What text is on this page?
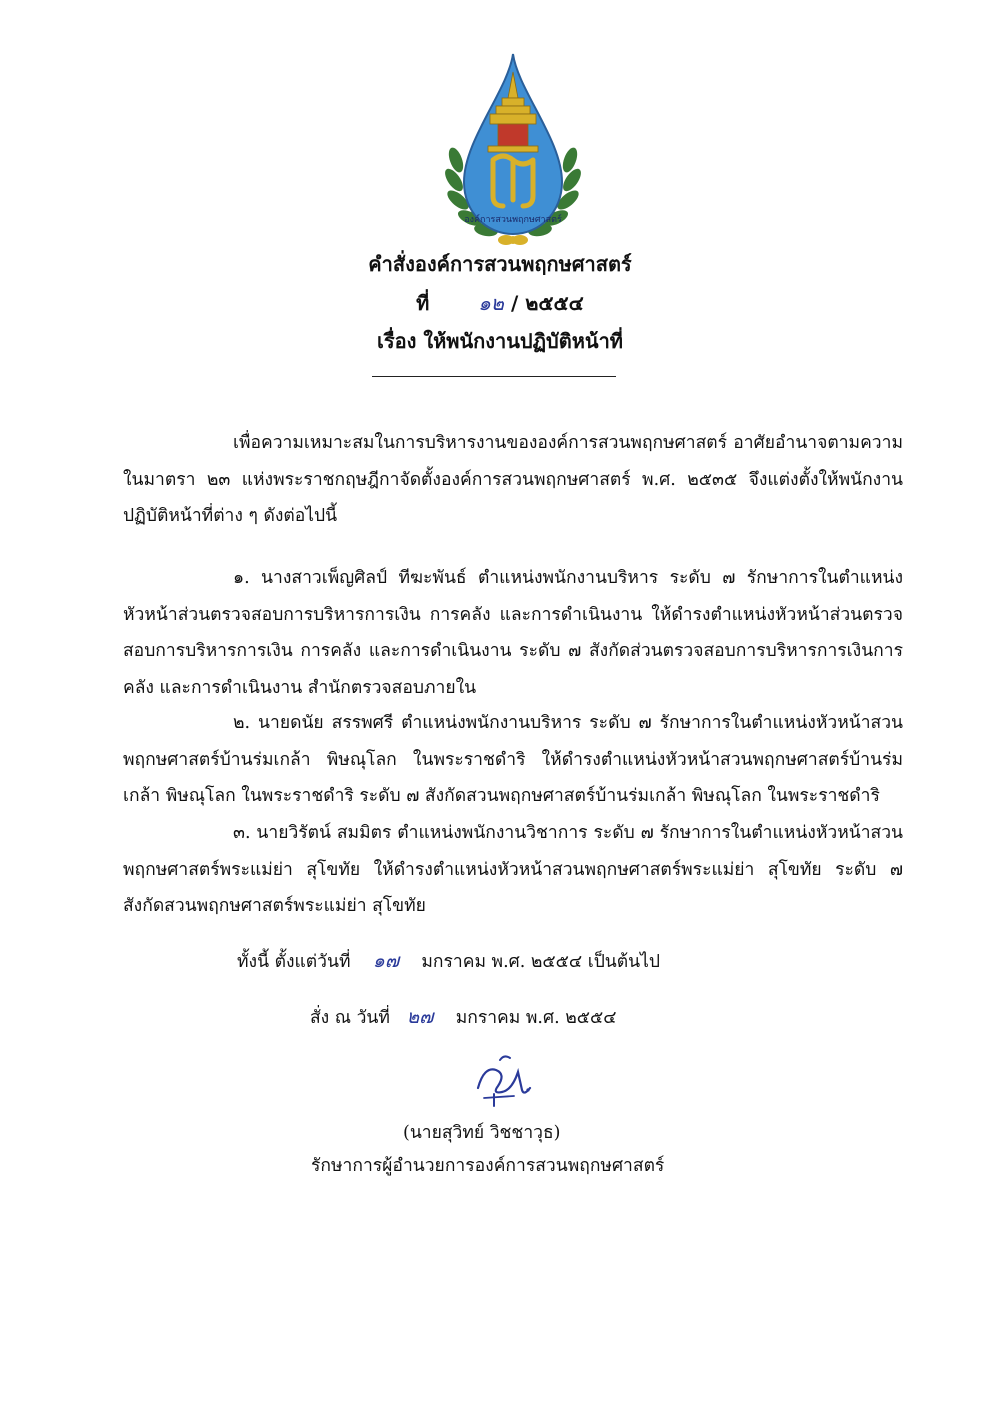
องค์การสวนพฤกษศาสตร์
คำสั่งองค์การสวนพฤกษศาสตร์
ที่ ๑๒ / ๒๕๕๔
เรื่อง ให้พนักงานปฏิบัติหน้าที่
เพื่อความเหมาะสมในการบริหารงานขององค์การสวนพฤกษศาสตร์ อาศัยอำนาจตามความในมาตรา ๒๓ แห่งพระราชกฤษฎีกาจัดตั้งองค์การสวนพฤกษศาสตร์ พ.ศ. ๒๕๓๕ จึงแต่งตั้งให้พนักงานปฏิบัติหน้าที่ต่าง ๆ ดังต่อไปนี้
๑. นางสาวเพ็ญศิลป์ ทีฆะพันธ์ ตำแหน่งพนักงานบริหาร ระดับ ๗ รักษาการในตำแหน่งหัวหน้าส่วนตรวจสอบการบริหารการเงิน การคลัง และการดำเนินงาน ให้ดำรงตำแหน่งหัวหน้าส่วนตรวจสอบการบริหารการเงิน การคลัง และการดำเนินงาน ระดับ ๗ สังกัดส่วนตรวจสอบการบริหารการเงินการคลัง และการดำเนินงาน สำนักตรวจสอบภายใน
๒. นายดนัย สรรพศรี ตำแหน่งพนักงานบริหาร ระดับ ๗ รักษาการในตำแหน่งหัวหน้าสวนพฤกษศาสตร์บ้านร่มเกล้า พิษณุโลก ในพระราชดำริ ให้ดำรงตำแหน่งหัวหน้าสวนพฤกษศาสตร์บ้านร่มเกล้า พิษณุโลก ในพระราชดำริ ระดับ ๗ สังกัดสวนพฤกษศาสตร์บ้านร่มเกล้า พิษณุโลก ในพระราชดำริ
๓. นายวิรัตน์ สมมิตร ตำแหน่งพนักงานวิชาการ ระดับ ๗ รักษาการในตำแหน่งหัวหน้าสวนพฤกษศาสตร์พระแม่ย่า สุโขทัย ให้ดำรงตำแหน่งหัวหน้าสวนพฤกษศาสตร์พระแม่ย่า สุโขทัย ระดับ ๗ สังกัดสวนพฤกษศาสตร์พระแม่ย่า สุโขทัย
ทั้งนี้ ตั้งแต่วันที่ ๑๗ มกราคม พ.ศ. ๒๕๕๔ เป็นต้นไป
สั่ง ณ วันที่ ๒๗ มกราคม พ.ศ. ๒๕๕๔
(นายสุวิทย์ วิชชาวุธ)
รักษาการผู้อำนวยการองค์การสวนพฤกษศาสตร์
